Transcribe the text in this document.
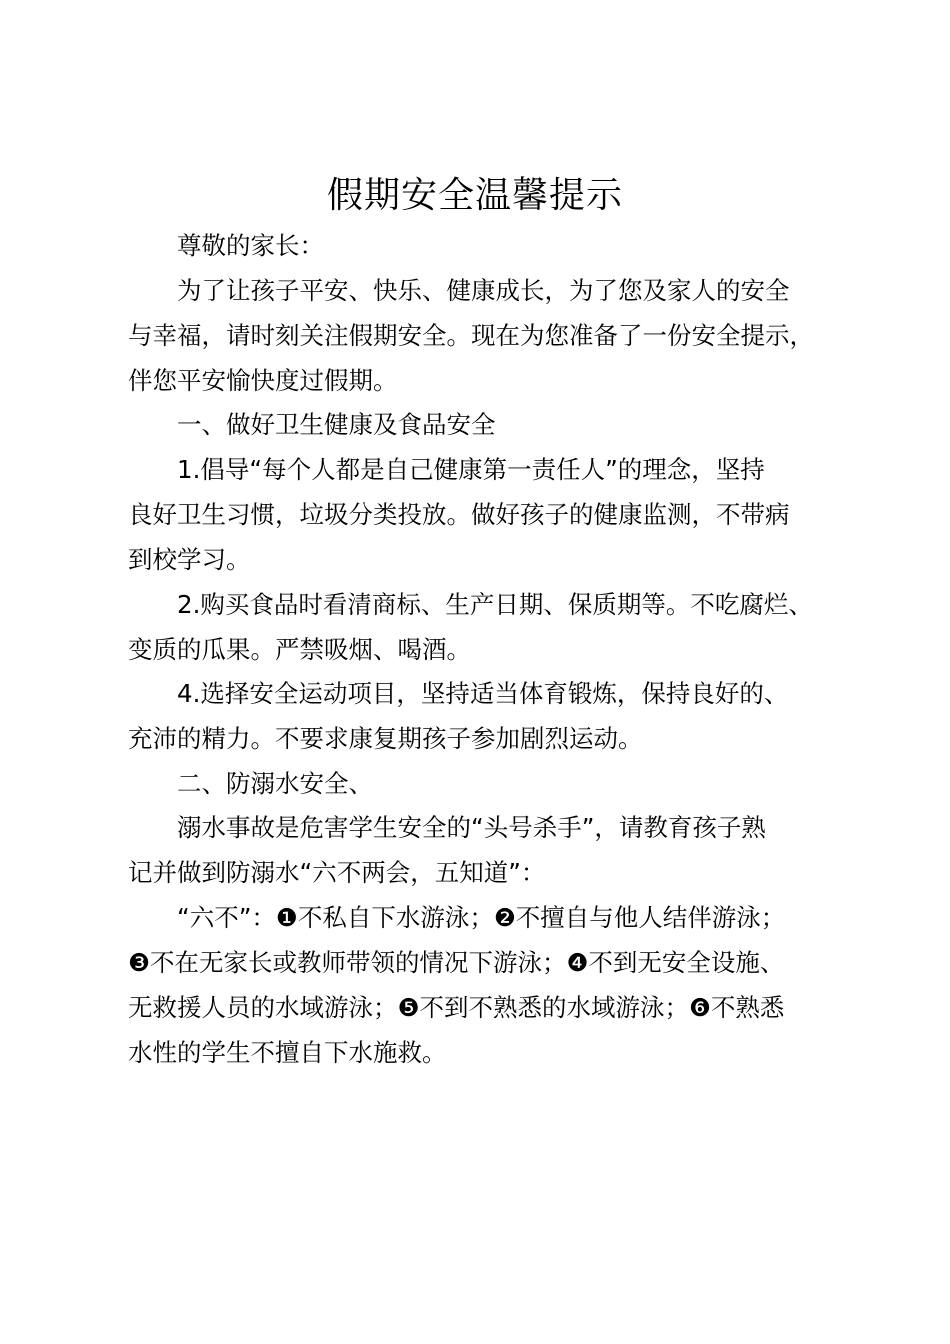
假期安全温馨提示
尊敬的家长：
为了让孩子平安、快乐、健康成长，为了您及家人的安全
与幸福，请时刻关注假期安全。现在为您准备了一份安全提示，
伴您平安愉快度过假期。
一、做好卫生健康及食品安全
1.倡导“每个人都是自己健康第一责任人”的理念，坚持
良好卫生习惯，垃圾分类投放。做好孩子的健康监测，不带病
到校学习。
2.购买食品时看清商标、生产日期、保质期等。不吃腐烂、
变质的瓜果。严禁吸烟、喝酒。
4.选择安全运动项目，坚持适当体育锻炼，保持良好的、
充沛的精力。不要求康复期孩子参加剧烈运动。
二、防溺水安全、
溺水事故是危害学生安全的“头号杀手”，请教育孩子熟
记并做到防溺水“六不两会，五知道”：
“六不”：❶不私自下水游泳；❷不擅自与他人结伴游泳；
❸不在无家长或教师带领的情况下游泳；❹不到无安全设施、
无救援人员的水域游泳；❺不到不熟悉的水域游泳；❻不熟悉
水性的学生不擅自下水施救。
